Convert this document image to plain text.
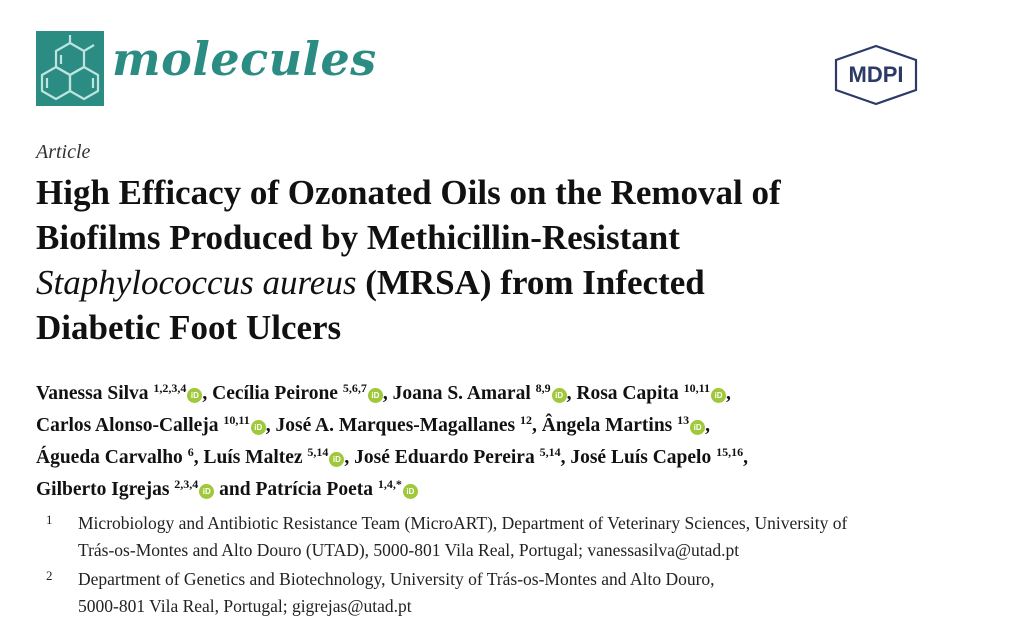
molecules	MDPI
Article
High Efficacy of Ozonated Oils on the Removal of
Biofilms Produced by Methicillin-Resistant
Staphylococcus aureus (MRSA) from Infected
Diabetic Foot Ulcers
Vanessa Silva $^{1,2,3,4}$iD , Cecília Peirone $^{5,6,7}$iD , Joana S. Amaral $^{8,9}$iD , Rosa Capita $^{10,11}$iD ,
Carlos Alonso-Calleja $^{10,11}$iD , José A. Marques-Magallanes $^{12}$, Ângela Martins $^{13}$iD ,
Águeda Carvalho $^6$, Luís Maltez $^{5,14}$iD , José Eduardo Pereira $^{5,14}$, José Luís Capelo $^{15,16}$,
Gilberto Igrejas $^{2,3,4}$iD and Patrícia Poeta $^{1,4,*}$iD
1 Microbiology and Antibiotic Resistance Team (MicroART), Department of Veterinary Sciences, University of
Trás-os-Montes and Alto Douro (UTAD), 5000-801 Vila Real, Portugal; vanessasilva@utad.pt
2 Department of Genetics and Biotechnology, University of Trás-os-Montes and Alto Douro,
5000-801 Vila Real, Portugal; gigrejas@utad.pt
